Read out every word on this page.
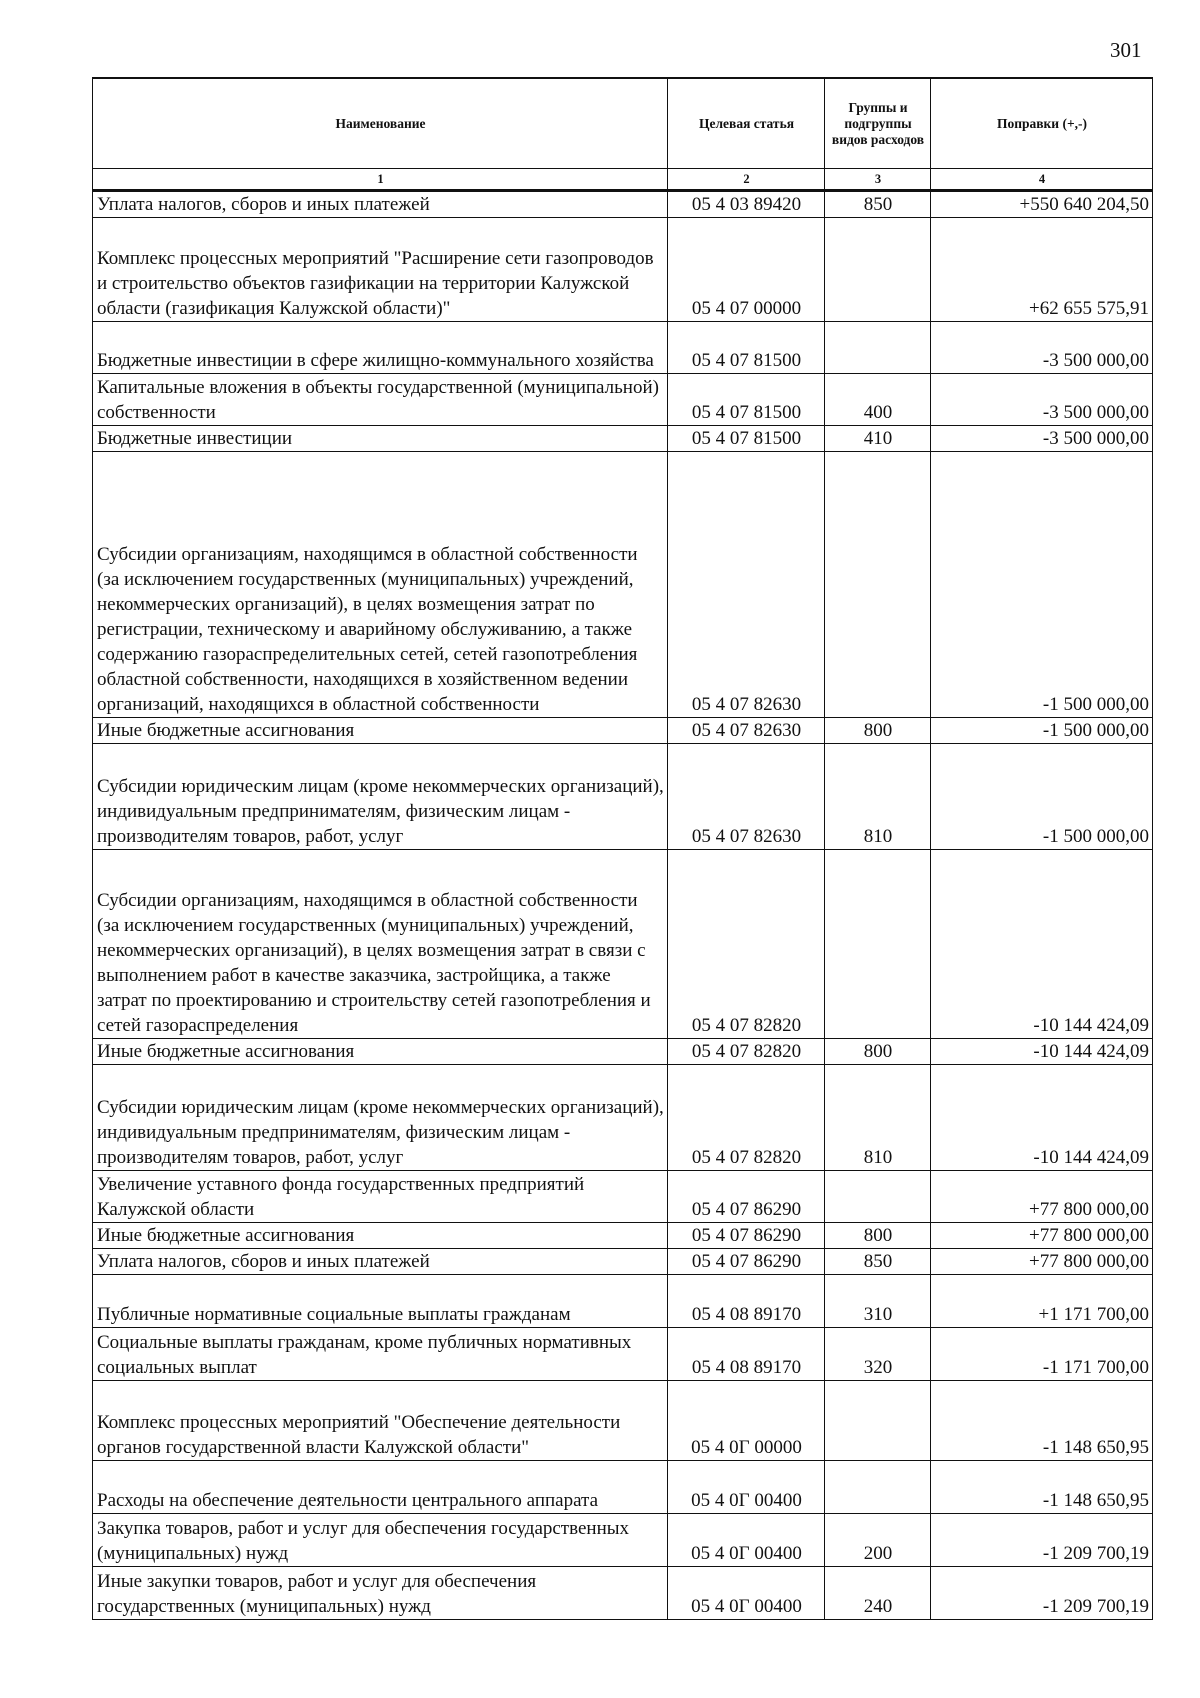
301
Наименование	Целевая статья	Группы и подгруппы видов расходов	Поправки (+,-)
1	2	3	4
Уплата налогов, сборов и иных платежей	05 4 03 89420	850	+550 640 204,50
Комплекс процессных мероприятий "Расширение сети газопроводов и строительство объектов газификации на территории Калужской области (газификация Калужской области)"	05 4 07 00000		+62 655 575,91
Бюджетные инвестиции в сфере жилищно-коммунального хозяйства	05 4 07 81500		-3 500 000,00
Капитальные вложения в объекты государственной (муниципальной) собственности	05 4 07 81500	400	-3 500 000,00
Бюджетные инвестиции	05 4 07 81500	410	-3 500 000,00
Субсидии организациям, находящимся в областной собственности (за исключением государственных (муниципальных) учреждений, некоммерческих организаций), в целях возмещения затрат по регистрации, техническому и аварийному обслуживанию, а также содержанию газораспределительных сетей, сетей газопотребления областной собственности, находящихся в хозяйственном ведении организаций, находящихся в областной собственности	05 4 07 82630		-1 500 000,00
Иные бюджетные ассигнования	05 4 07 82630	800	-1 500 000,00
Субсидии юридическим лицам (кроме некоммерческих организаций), индивидуальным предпринимателям, физическим лицам - производителям товаров, работ, услуг	05 4 07 82630	810	-1 500 000,00
Субсидии организациям, находящимся в областной собственности (за исключением государственных (муниципальных) учреждений, некоммерческих организаций), в целях возмещения затрат в связи с выполнением работ в качестве заказчика, застройщика, а также затрат по проектированию и строительству сетей газопотребления и сетей газораспределения	05 4 07 82820		-10 144 424,09
Иные бюджетные ассигнования	05 4 07 82820	800	-10 144 424,09
Субсидии юридическим лицам (кроме некоммерческих организаций), индивидуальным предпринимателям, физическим лицам - производителям товаров, работ, услуг	05 4 07 82820	810	-10 144 424,09
Увеличение уставного фонда государственных предприятий Калужской области	05 4 07 86290		+77 800 000,00
Иные бюджетные ассигнования	05 4 07 86290	800	+77 800 000,00
Уплата налогов, сборов и иных платежей	05 4 07 86290	850	+77 800 000,00
Публичные нормативные социальные выплаты гражданам	05 4 08 89170	310	+1 171 700,00
Социальные выплаты гражданам, кроме публичных нормативных социальных выплат	05 4 08 89170	320	-1 171 700,00
Комплекс процессных мероприятий "Обеспечение деятельности органов государственной власти Калужской области"	05 4 0Г 00000		-1 148 650,95
Расходы на обеспечение деятельности центрального аппарата	05 4 0Г 00400		-1 148 650,95
Закупка товаров, работ и услуг для обеспечения государственных (муниципальных) нужд	05 4 0Г 00400	200	-1 209 700,19
Иные закупки товаров, работ и услуг для обеспечения государственных (муниципальных) нужд	05 4 0Г 00400	240	-1 209 700,19
